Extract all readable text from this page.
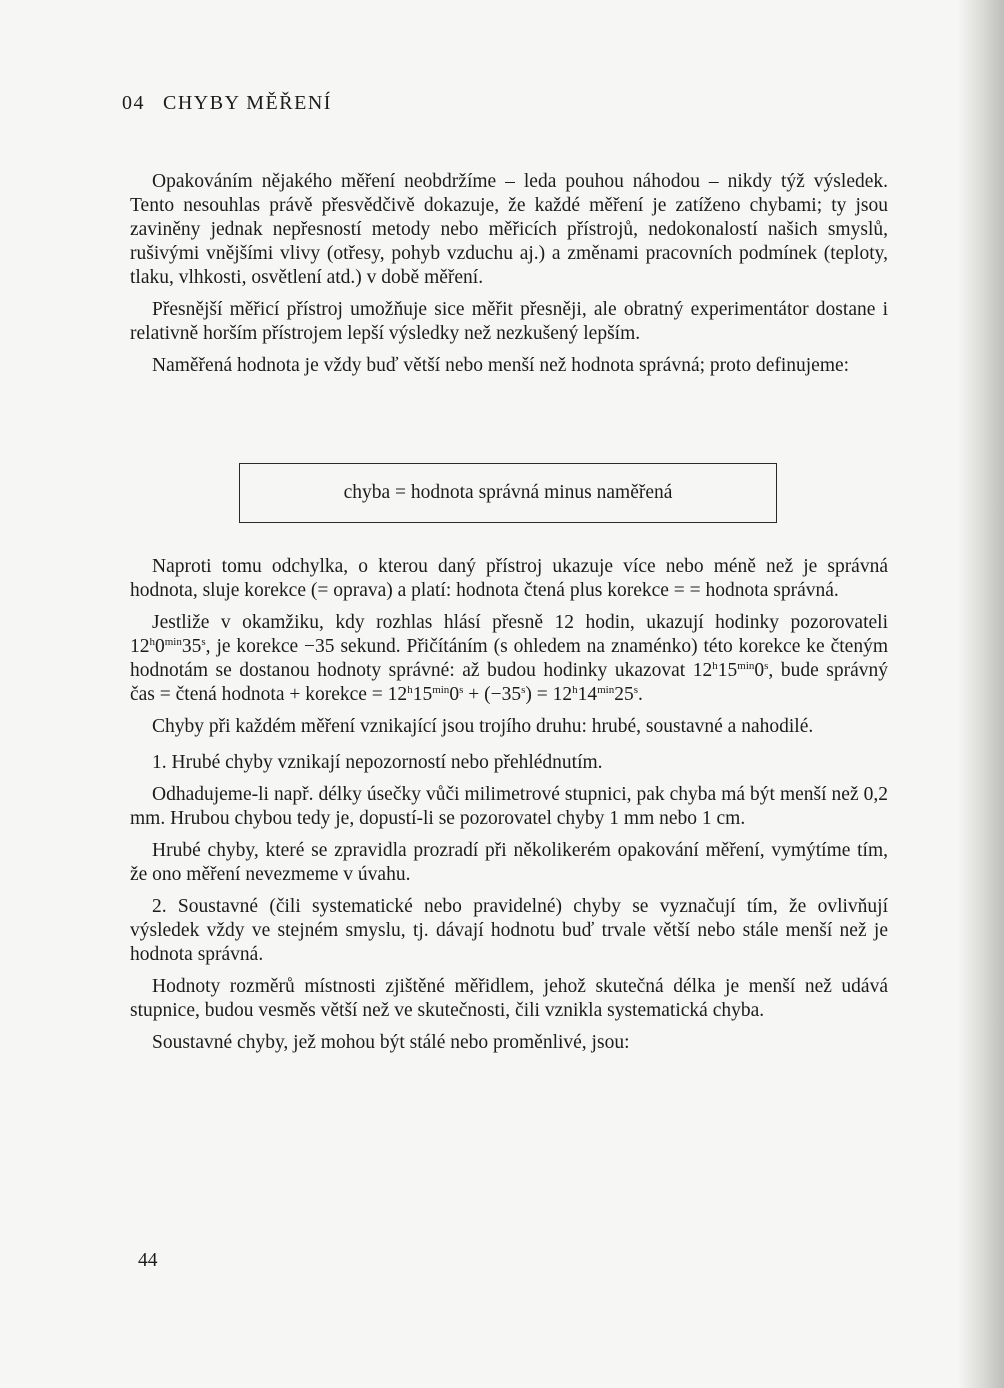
04 CHYBY MĚŘENÍ

Opakováním nějakého měření neobdržíme – leda pouhou náhodou – nikdy týž výsledek. Tento nesouhlas právě přesvědčivě dokazuje, že každé měření je zatíženo chybami; ty jsou zaviněny jednak nepřesností metody nebo měřicích přístrojů, nedokonalostí našich smyslů, rušivými vnějšími vlivy (otřesy, pohyb vzduchu aj.) a změnami pracovních podmínek (teploty, tlaku, vlhkosti, osvětlení atd.) v době měření.

Přesnější měřicí přístroj umožňuje sice měřit přesněji, ale obratný experimentátor dostane i relativně horším přístrojem lepší výsledky než nezkušený lepším.

Naměřená hodnota je vždy buď větší nebo menší než hodnota správná; proto definujeme:

chyba = hodnota správná minus naměřená

Naproti tomu odchylka, o kterou daný přístroj ukazuje více nebo méně než je správná hodnota, sluje korekce (= oprava) a platí: hodnota čtená plus korekce = = hodnota správná.

Jestliže v okamžiku, kdy rozhlas hlásí přesně 12 hodin, ukazují hodinky pozorovateli $12^h0^{min}35^s$, je korekce −35 sekund. Přičítáním (s ohledem na znaménko) této korekce ke čteným hodnotám se dostanou hodnoty správné: až budou hodinky ukazovat $12^h15^{min}0^s$, bude správný čas = čtená hodnota + korekce = $12^h15^{min}0^s + (-35^s) = 12^h14^{min}25^s$.

Chyby při každém měření vznikající jsou trojího druhu: hrubé, soustavné a nahodilé.

1. Hrubé chyby vznikají nepozorností nebo přehlédnutím.

Odhadujeme-li např. délky úsečky vůči milimetrové stupnici, pak chyba má být menší než 0,2 mm. Hrubou chybou tedy je, dopustí-li se pozorovatel chyby 1 mm nebo 1 cm.

Hrubé chyby, které se zpravidla prozradí při několikerém opakování měření, vymýtíme tím, že ono měření nevezmeme v úvahu.

2. Soustavné (čili systematické nebo pravidelné) chyby se vyznačují tím, že ovlivňují výsledek vždy ve stejném smyslu, tj. dávají hodnotu buď trvale větší nebo stále menší než je hodnota správná.

Hodnoty rozměrů místnosti zjištěné měřidlem, jehož skutečná délka je menší než udává stupnice, budou vesměs větší než ve skutečnosti, čili vznikla systematická chyba.

Soustavné chyby, jež mohou být stálé nebo proměnlivé, jsou:

44
